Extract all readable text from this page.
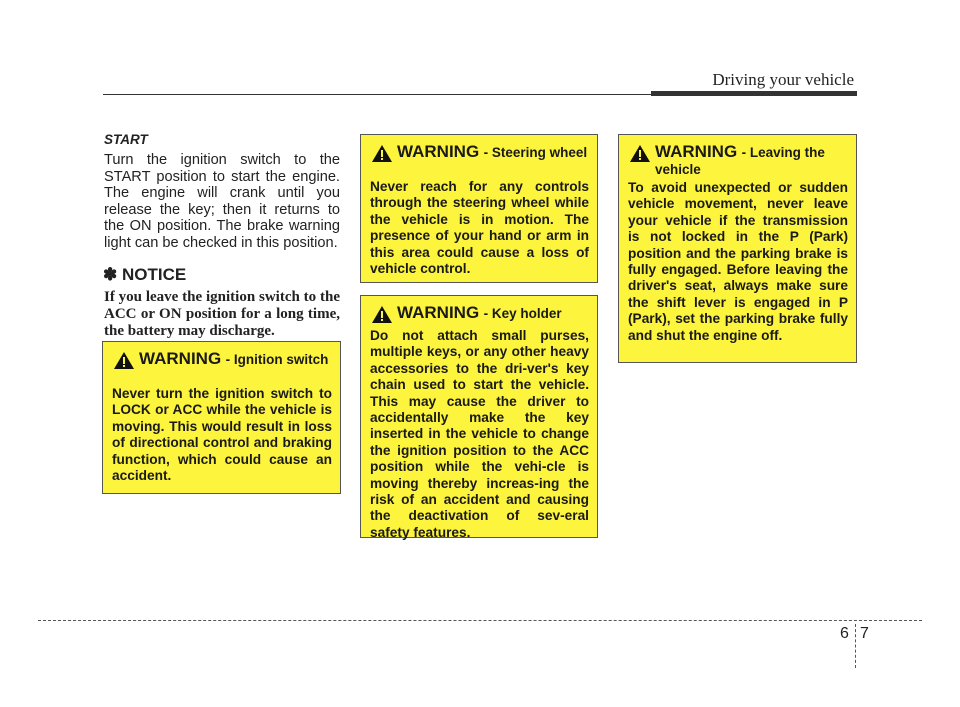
Driving your vehicle
START
Turn the ignition switch to the START position to start the engine. The engine will crank until you release the key; then it returns to the ON position. The brake warning light can be checked in this position.
✽ NOTICE
If you leave the ignition switch to the ACC or ON position for a long time, the battery may discharge.
WARNING - Ignition switch
Never turn the ignition switch to LOCK or ACC while the vehicle is moving. This would result in loss of directional control and braking function, which could cause an accident.
WARNING - Steering wheel
Never reach for any controls through the steering wheel while the vehicle is in motion. The presence of your hand or arm in this area could cause a loss of vehicle control.
WARNING - Key holder
Do not attach small purses, multiple keys, or any other heavy accessories to the dri-ver's key chain used to start the vehicle. This may cause the driver to accidentally make the key inserted in the vehicle to change the ignition position to the ACC position while the vehi-cle is moving thereby increas-ing the risk of an accident and causing the deactivation of sev-eral safety features.
WARNING - Leaving the vehicle
To avoid unexpected or sudden vehicle movement, never leave your vehicle if the transmission is not locked in the P (Park) position and the parking brake is fully engaged. Before leaving the driver's seat, always make sure the shift lever is engaged in P (Park), set the parking brake fully and shut the engine off.
6 7
